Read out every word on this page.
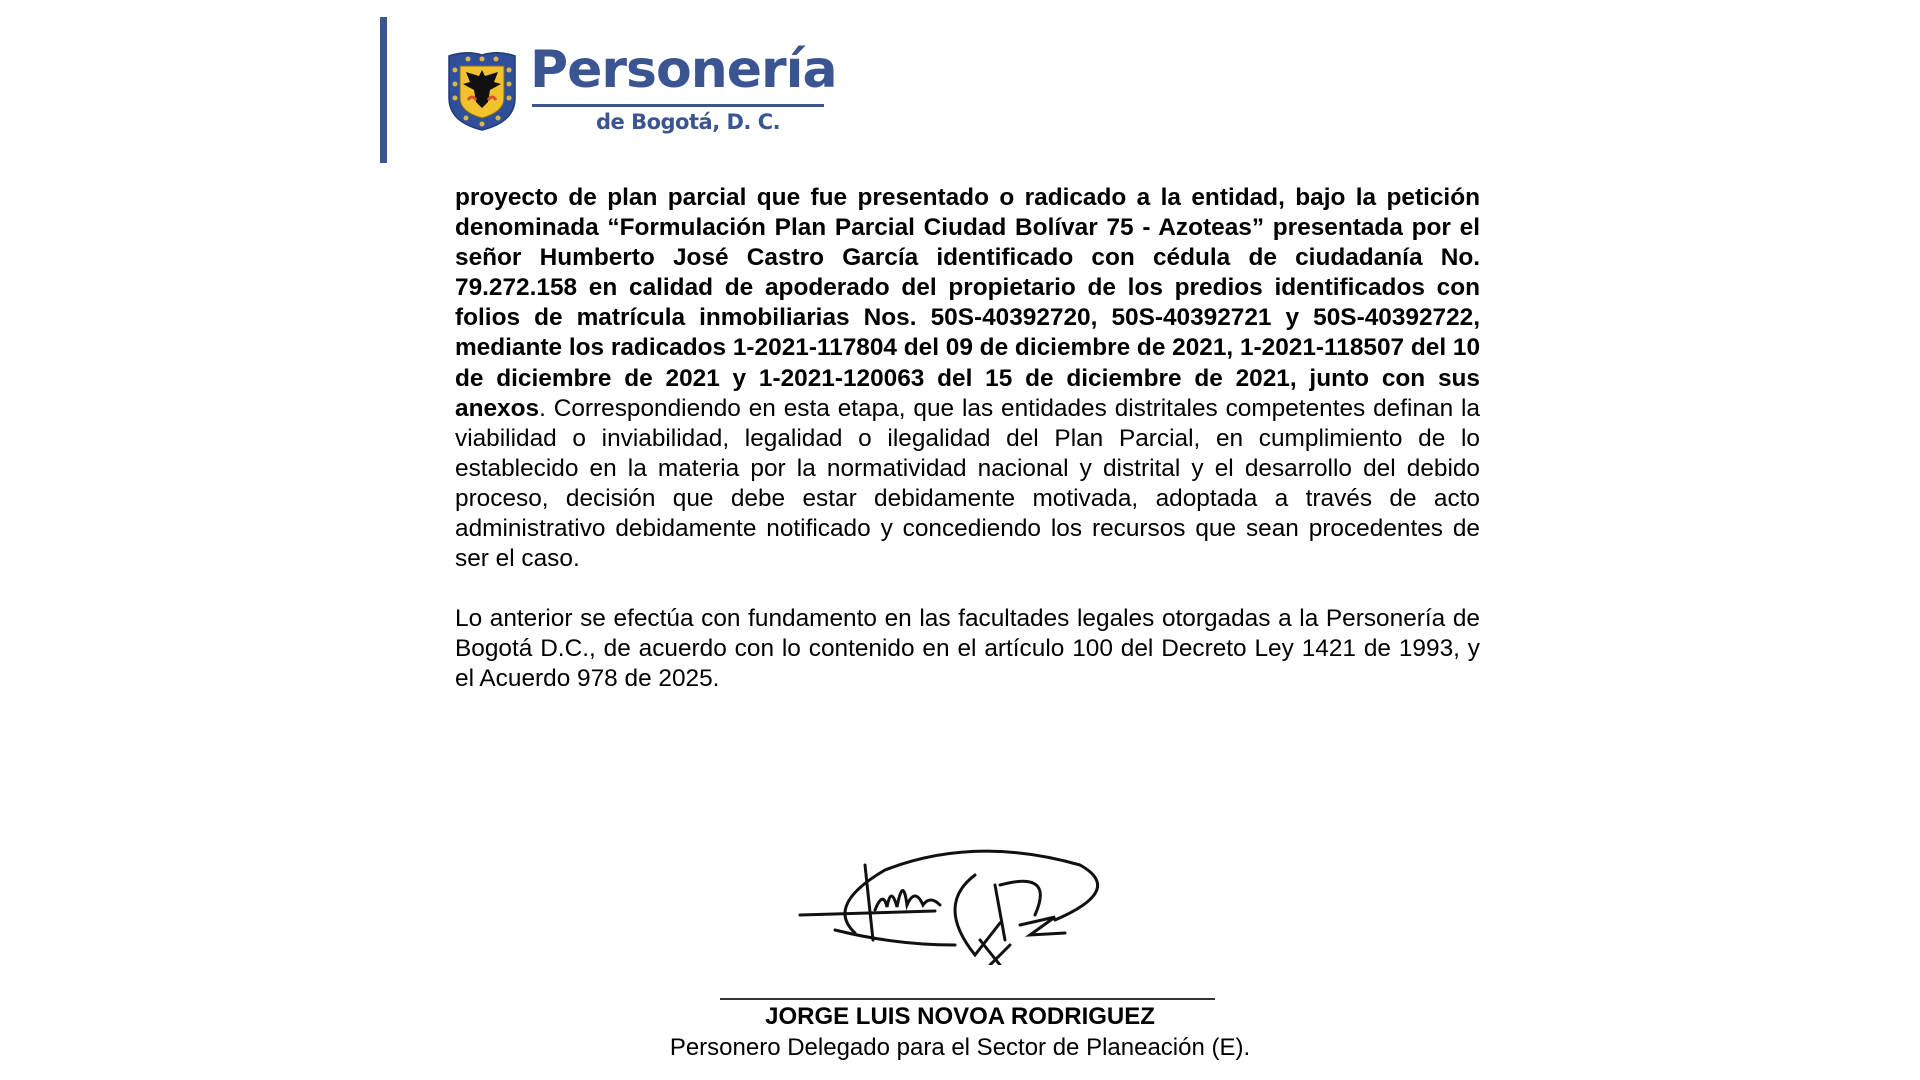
Personería
de Bogotá, D. C.

proyecto de plan parcial que fue presentado o radicado a la entidad, bajo la petición denominada “Formulación Plan Parcial Ciudad Bolívar 75 - Azoteas” presentada por el señor Humberto José Castro García identificado con cédula de ciudadanía No. 79.272.158 en calidad de apoderado del propietario de los predios identificados con folios de matrícula inmobiliarias Nos. 50S-40392720, 50S-40392721 y 50S-40392722, mediante los radicados 1-2021-117804 del 09 de diciembre de 2021, 1-2021-118507 del 10 de diciembre de 2021 y 1-2021-120063 del 15 de diciembre de 2021, junto con sus anexos. Correspondiendo en esta etapa, que las entidades distritales competentes definan la viabilidad o inviabilidad, legalidad o ilegalidad del Plan Parcial, en cumplimiento de lo establecido en la materia por la normatividad nacional y distrital y el desarrollo del debido proceso, decisión que debe estar debidamente motivada, adoptada a través de acto administrativo debidamente notificado y concediendo los recursos que sean procedentes de ser el caso.

Lo anterior se efectúa con fundamento en las facultades legales otorgadas a la Personería de Bogotá D.C., de acuerdo con lo contenido en el artículo 100 del Decreto Ley 1421 de 1993, y el Acuerdo 978 de 2025.

JORGE LUIS NOVOA RODRIGUEZ
Personero Delegado para el Sector de Planeación (E).
